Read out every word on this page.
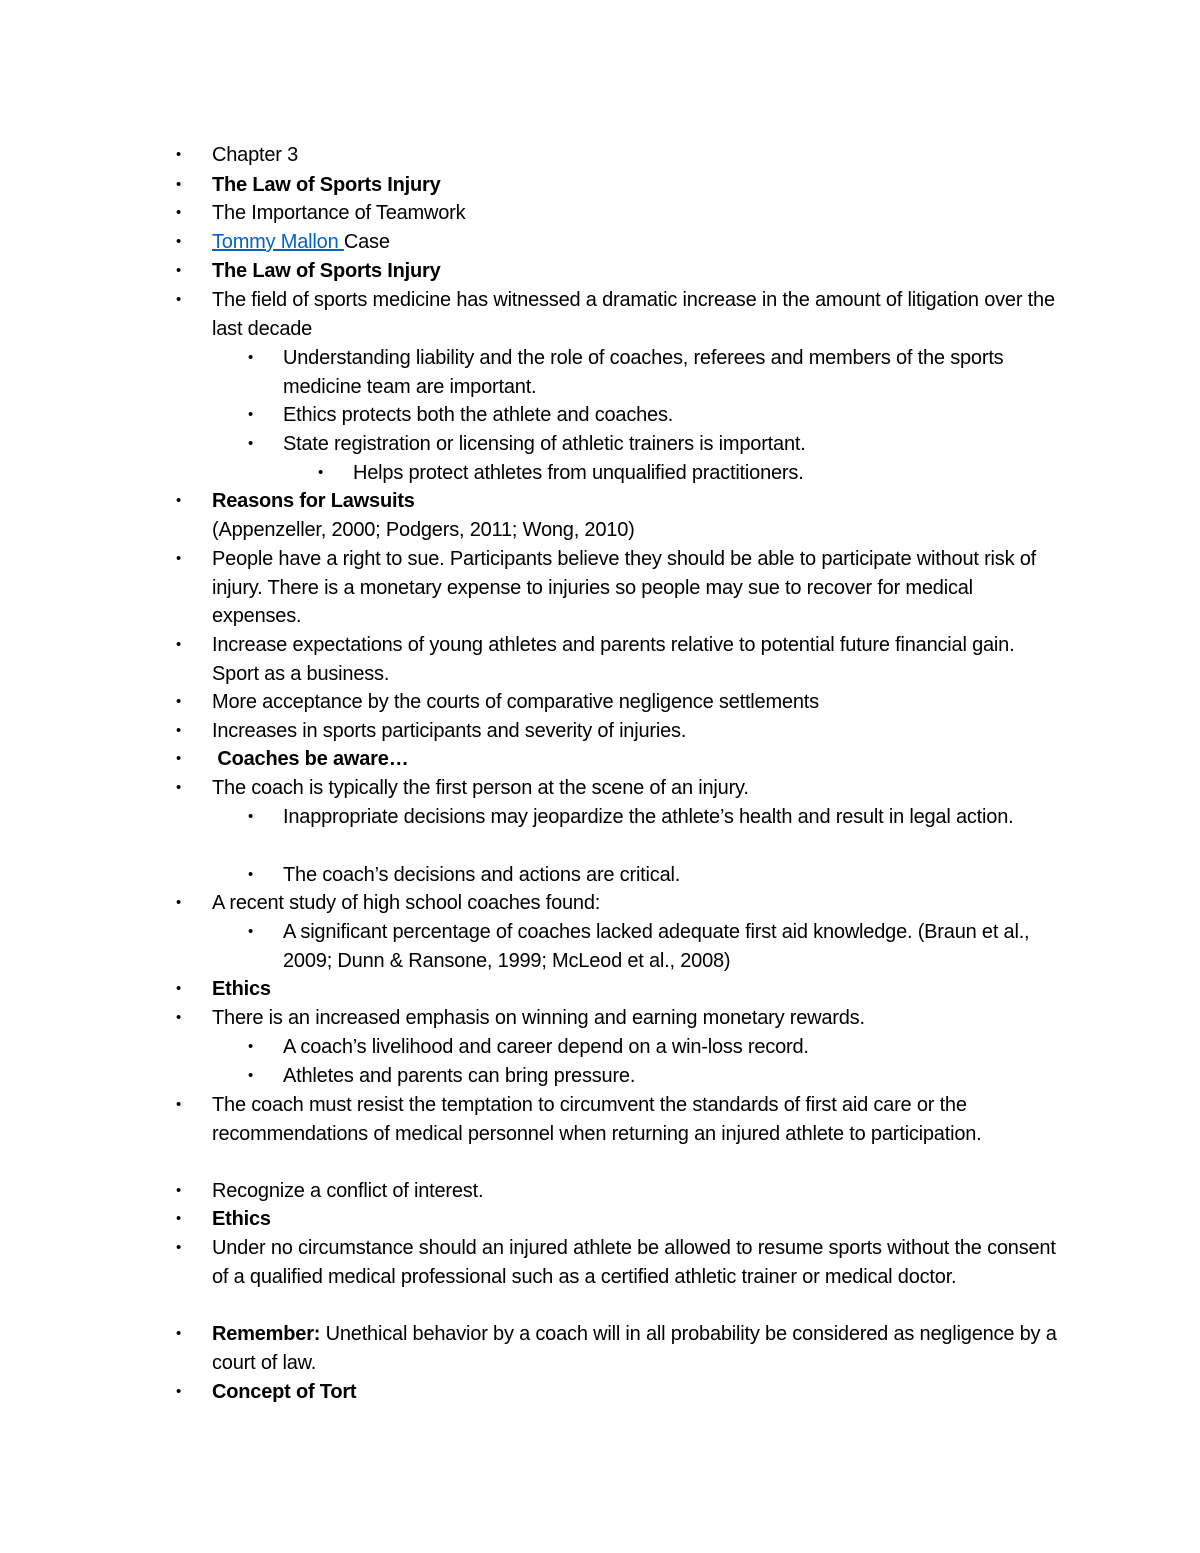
• Chapter 3
• The Law of Sports Injury
• The Importance of Teamwork
• Tommy Mallon Case
• The Law of Sports Injury
• The field of sports medicine has witnessed a dramatic increase in the amount of litigation over the last decade
• Understanding liability and the role of coaches, referees and members of the sports medicine team are important.
• Ethics protects both the athlete and coaches.
• State registration or licensing of athletic trainers is important.
• Helps protect athletes from unqualified practitioners.
• Reasons for Lawsuits
(Appenzeller, 2000; Podgers, 2011; Wong, 2010)
• People have a right to sue. Participants believe they should be able to participate without risk of injury. There is a monetary expense to injuries so people may sue to recover for medical expenses.
• Increase expectations of young athletes and parents relative to potential future financial gain. Sport as a business.
• More acceptance by the courts of comparative negligence settlements
• Increases in sports participants and severity of injuries.
• Coaches be aware…
• The coach is typically the first person at the scene of an injury.
• Inappropriate decisions may jeopardize the athlete’s health and result in legal action.
• The coach’s decisions and actions are critical.
• A recent study of high school coaches found:
• A significant percentage of coaches lacked adequate first aid knowledge. (Braun et al., 2009; Dunn & Ransone, 1999; McLeod et al., 2008)
• Ethics
• There is an increased emphasis on winning and earning monetary rewards.
• A coach’s livelihood and career depend on a win-loss record.
• Athletes and parents can bring pressure.
• The coach must resist the temptation to circumvent the standards of first aid care or the recommendations of medical personnel when returning an injured athlete to participation.
• Recognize a conflict of interest.
• Ethics
• Under no circumstance should an injured athlete be allowed to resume sports without the consent of a qualified medical professional such as a certified athletic trainer or medical doctor.
• Remember: Unethical behavior by a coach will in all probability be considered as negligence by a court of law.
• Concept of Tort
